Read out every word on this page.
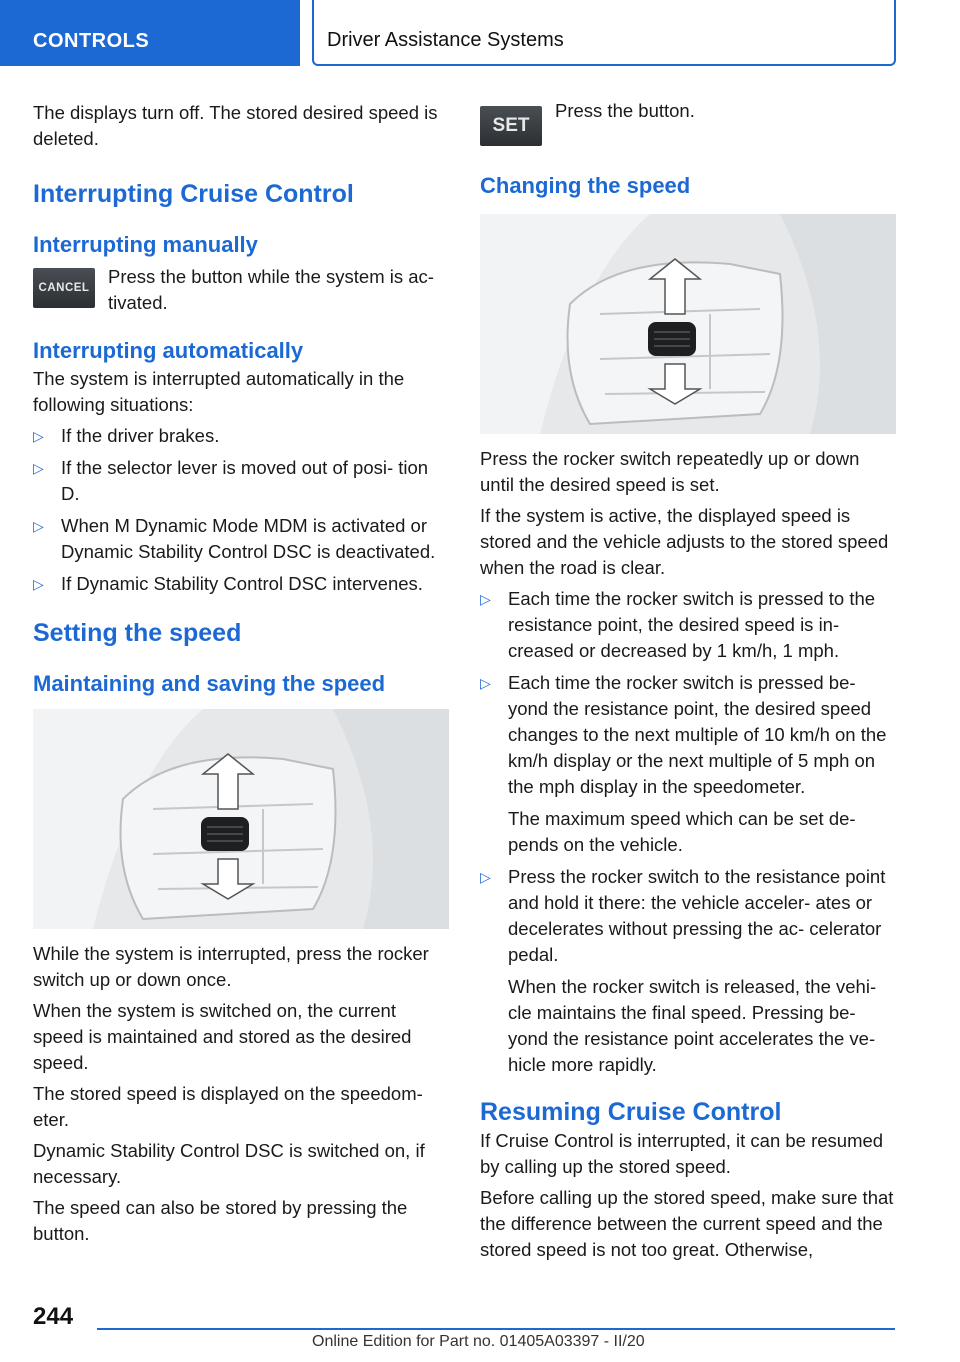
CONTROLS	Driver Assistance Systems

The displays turn off. The stored desired speed is deleted.

Interrupting Cruise Control
Interrupting manually
CANCEL
Press the button while the system is ac‐ tivated.
Interrupting automatically

The system is interrupted automatically in the following situations:

▷ If the driver brakes.
▷ If the selector lever is moved out of posi‐ tion D.
▷ When M Dynamic Mode MDM is activated or Dynamic Stability Control DSC is deactivated.
▷ If Dynamic Stability Control DSC intervenes.
Setting the speed
Maintaining and saving the speed

While the system is interrupted, press the rocker switch up or down once.

When the system is switched on, the current speed is maintained and stored as the desired speed.

The stored speed is displayed on the speedom‐ eter.

Dynamic Stability Control DSC is switched on, if necessary.

The speed can also be stored by pressing the button.

SET
Press the button.
Changing the speed

Press the rocker switch repeatedly up or down until the desired speed is set.

If the system is active, the displayed speed is stored and the vehicle adjusts to the stored speed when the road is clear.

▷ Each time the rocker switch is pressed to the resistance point, the desired speed is in‐ creased or decreased by 1 km/h, 1 mph.
▷ Each time the rocker switch is pressed be‐ yond the resistance point, the desired speed changes to the next multiple of 10 km/h on the km/h display or the next multiple of 5 mph on the mph display in the speedometer.

The maximum speed which can be set de‐ pends on the vehicle.

▷ Press the rocker switch to the resistance point and hold it there: the vehicle acceler‐ ates or decelerates without pressing the ac‐ celerator pedal.

When the rocker switch is released, the vehi‐ cle maintains the final speed. Pressing be‐ yond the resistance point accelerates the ve‐ hicle more rapidly.

Resuming Cruise Control

If Cruise Control is interrupted, it can be resumed by calling up the stored speed.

Before calling up the stored speed, make sure that the difference between the current speed and the stored speed is not too great. Otherwise,

244
Online Edition for Part no. 01405A03397 - II/20
